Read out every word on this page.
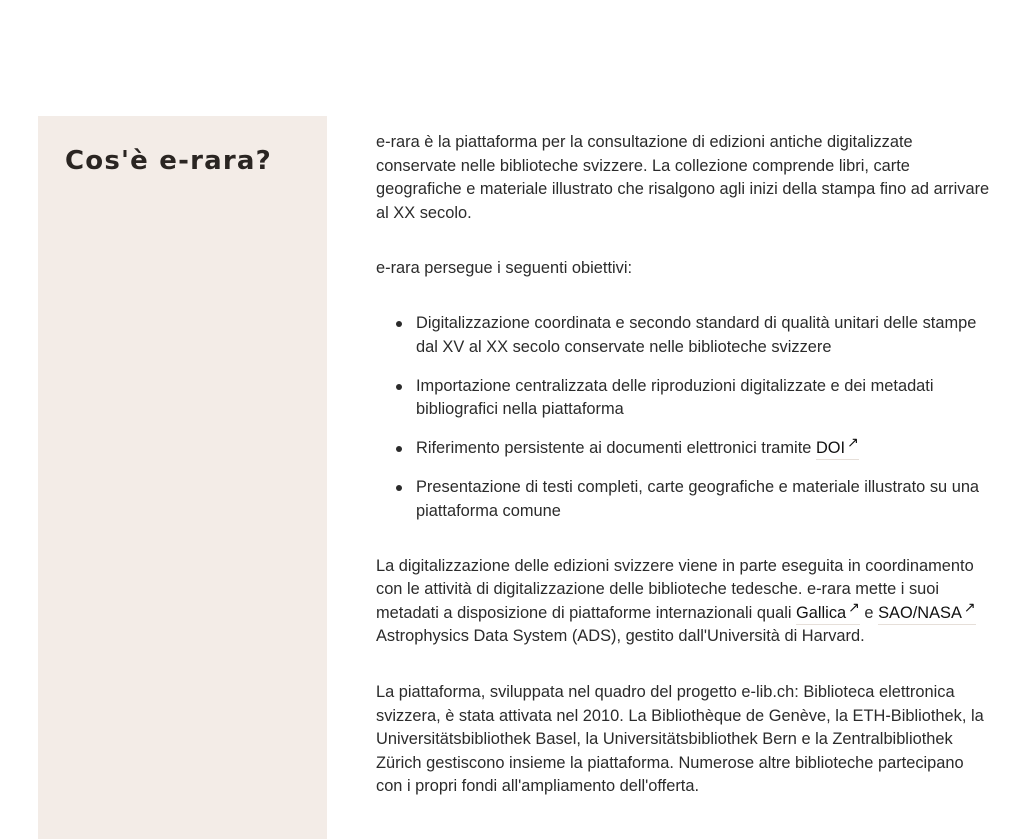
Cos'è e-rara?

e-rara è la piattaforma per la consultazione di edizioni antiche digitalizzate conservate nelle biblioteche svizzere. La collezione comprende libri, carte geografiche e materiale illustrato che risalgono agli inizi della stampa fino ad arrivare al XX secolo.

e-rara persegue i seguenti obiettivi:

Digitalizzazione coordinata e secondo standard di qualità unitari delle stampe dal XV al XX secolo conservate nelle biblioteche svizzere
Importazione centralizzata delle riproduzioni digitalizzate e dei metadati bibliografici nella piattaforma
Riferimento persistente ai documenti elettronici tramite DOI ↗
Presentazione di testi completi, carte geografiche e materiale illustrato su una piattaforma comune

La digitalizzazione delle edizioni svizzere viene in parte eseguita in coordinamento con le attività di digitalizzazione delle biblioteche tedesche. e-rara mette i suoi metadati a disposizione di piattaforme internazionali quali Gallica ↗ e SAO/NASA ↗ Astrophysics Data System (ADS), gestito dall'Università di Harvard.

La piattaforma, sviluppata nel quadro del progetto e-lib.ch: Biblioteca elettronica svizzera, è stata attivata nel 2010. La Bibliothèque de Genève, la ETH-Bibliothek, la Universitätsbibliothek Basel, la Universitätsbibliothek Bern e la Zentralbibliothek Zürich gestiscono insieme la piattaforma. Numerose altre biblioteche partecipano con i propri fondi all'ampliamento dell'offerta.
